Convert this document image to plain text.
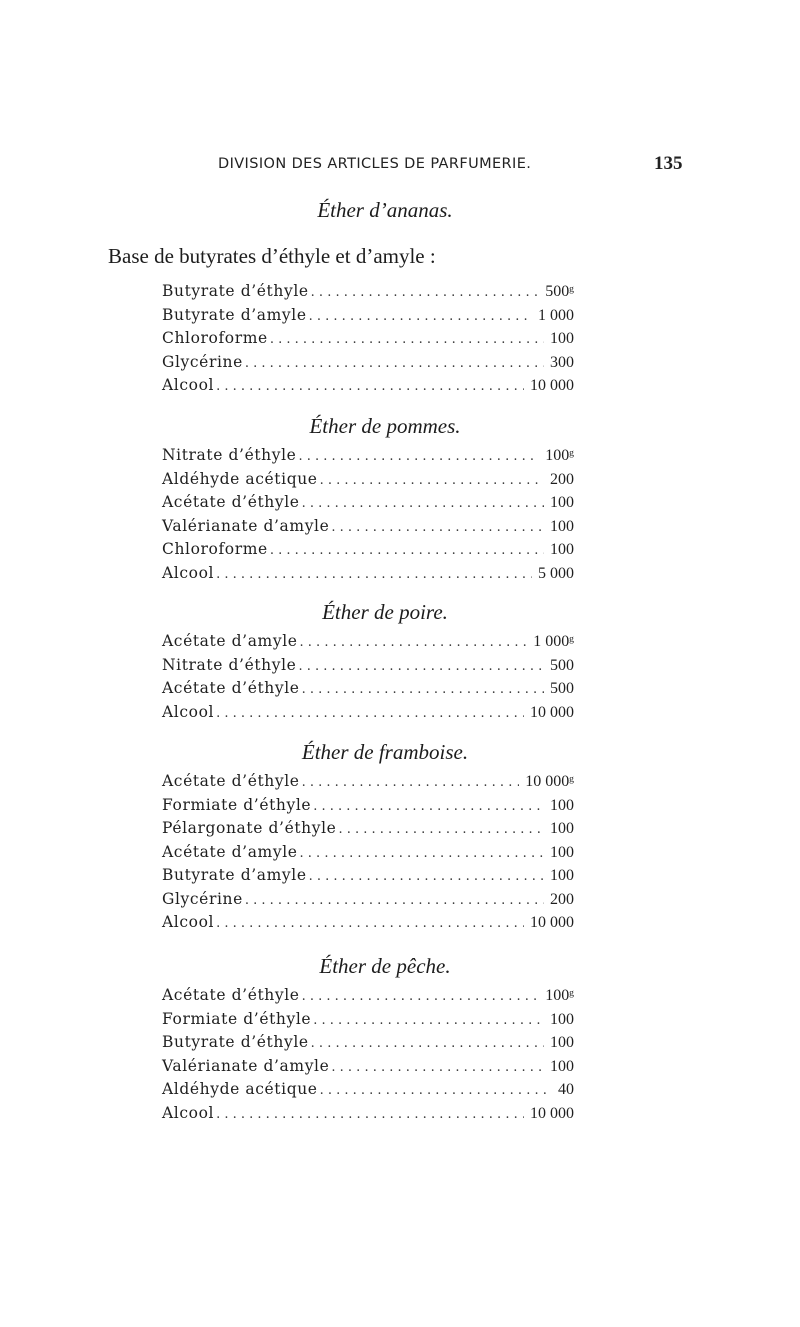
DIVISION DES ARTICLES DE PARFUMERIE.	135
Éther d’ananas.
Base de butyrates d’éthyle et d’amyle :
Butyrate d’éthyle . . .	500ᵍ
Butyrate d’amyle . . .	1 000
Chloroforme . . .	100
Glycérine . . .	300
Alcool . . .	10 000
Éther de pommes.
Nitrate d’éthyle . . .	100ᵍ
Aldéhyde acétique . . .	200
Acétate d’éthyle . . .	100
Valérianate d’amyle . . .	100
Chloroforme . . .	100
Alcool . . .	5 000
Éther de poire.
Acétate d’amyle . . .	1 000ᵍ
Nitrate d’éthyle . . .	500
Acétate d’éthyle . . .	500
Alcool . . .	10 000
Éther de framboise.
Acétate d’éthyle . . .	10 000ᵍ
Formiate d’éthyle . . .	100
Pélargonate d’éthyle . . .	100
Acétate d’amyle . . .	100
Butyrate d’amyle . . .	100
Glycérine . . .	200
Alcool . . .	10 000
Éther de pêche.
Acétate d’éthyle . . .	100ᵍ
Formiate d’éthyle . . .	100
Butyrate d’éthyle . . .	100
Valérianate d’amyle . . .	100
Aldéhyde acétique . . .	40
Alcool . . .	10 000
